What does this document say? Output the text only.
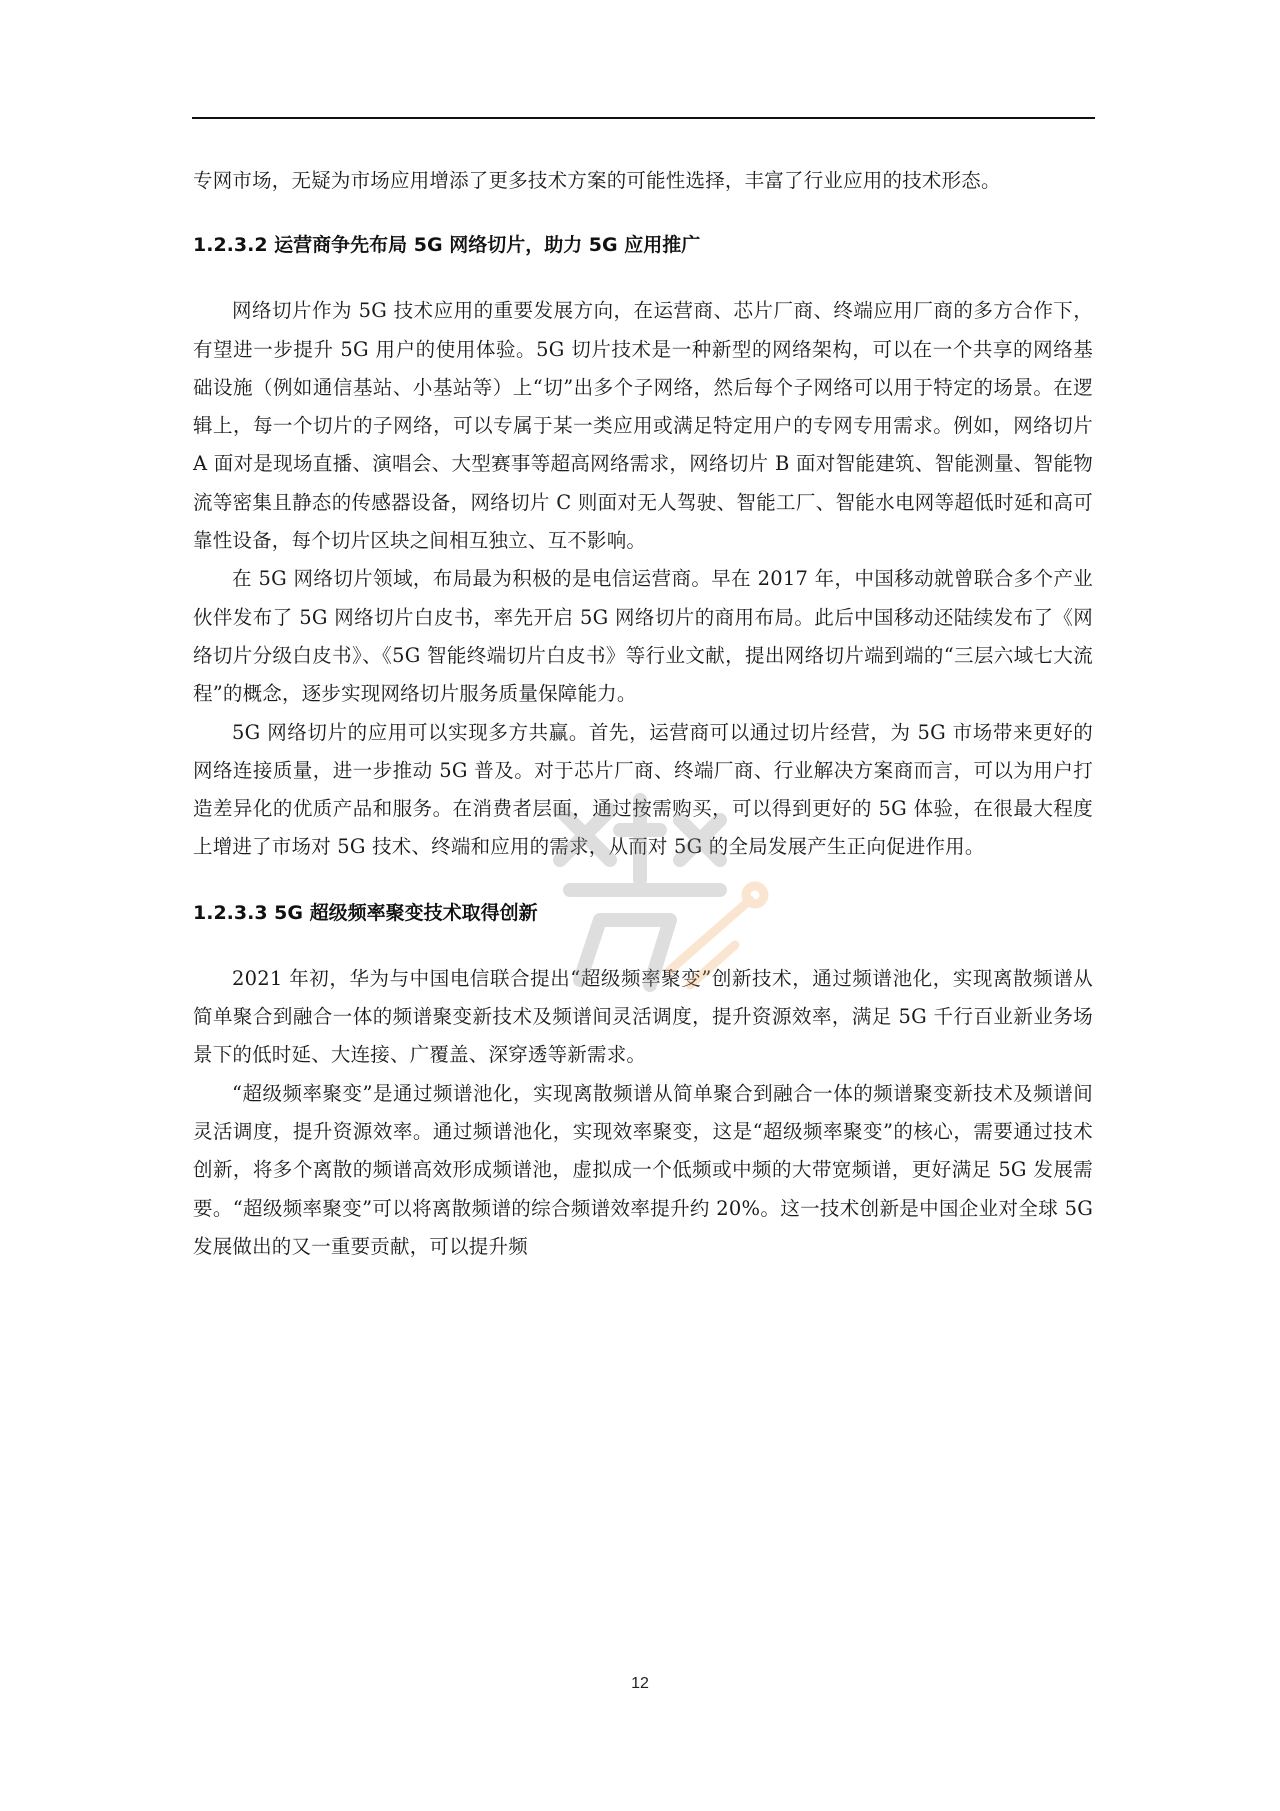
专网市场，无疑为市场应用增添了更多技术方案的可能性选择，丰富了行业应用的技术形态。

1.2.3.2 运营商争先布局 5G 网络切片，助力 5G 应用推广

网络切片作为 5G 技术应用的重要发展方向，在运营商、芯片厂商、终端应用厂商的多方合作下，有望进一步提升 5G 用户的使用体验。5G 切片技术是一种新型的网络架构，可以在一个共享的网络基础设施（例如通信基站、小基站等）上“切”出多个子网络，然后每个子网络可以用于特定的场景。在逻辑上，每一个切片的子网络，可以专属于某一类应用或满足特定用户的专网专用需求。例如，网络切片 A 面对是现场直播、演唱会、大型赛事等超高网络需求，网络切片 B 面对智能建筑、智能测量、智能物流等密集且静态的传感器设备，网络切片 C 则面对无人驾驶、智能工厂、智能水电网等超低时延和高可靠性设备，每个切片区块之间相互独立、互不影响。

在 5G 网络切片领域，布局最为积极的是电信运营商。早在 2017 年，中国移动就曾联合多个产业伙伴发布了 5G 网络切片白皮书，率先开启 5G 网络切片的商用布局。此后中国移动还陆续发布了《网络切片分级白皮书》、《5G 智能终端切片白皮书》等行业文献，提出网络切片端到端的“三层六域七大流程”的概念，逐步实现网络切片服务质量保障能力。

5G 网络切片的应用可以实现多方共赢。首先，运营商可以通过切片经营，为 5G 市场带来更好的网络连接质量，进一步推动 5G 普及。对于芯片厂商、终端厂商、行业解决方案商而言，可以为用户打造差异化的优质产品和服务。在消费者层面，通过按需购买，可以得到更好的 5G 体验，在很最大程度上增进了市场对 5G 技术、终端和应用的需求，从而对 5G 的全局发展产生正向促进作用。

1.2.3.3 5G 超级频率聚变技术取得创新

2021 年初，华为与中国电信联合提出“超级频率聚变”创新技术，通过频谱池化，实现离散频谱从简单聚合到融合一体的频谱聚变新技术及频谱间灵活调度，提升资源效率，满足 5G 千行百业新业务场景下的低时延、大连接、广覆盖、深穿透等新需求。

“超级频率聚变”是通过频谱池化，实现离散频谱从简单聚合到融合一体的频谱聚变新技术及频谱间灵活调度，提升资源效率。通过频谱池化，实现效率聚变，这是“超级频率聚变”的核心，需要通过技术创新，将多个离散的频谱高效形成频谱池，虚拟成一个低频或中频的大带宽频谱，更好满足 5G 发展需要。“超级频率聚变”可以将离散频谱的综合频谱效率提升约 20%。这一技术创新是中国企业对全球 5G 发展做出的又一重要贡献，可以提升频

12
